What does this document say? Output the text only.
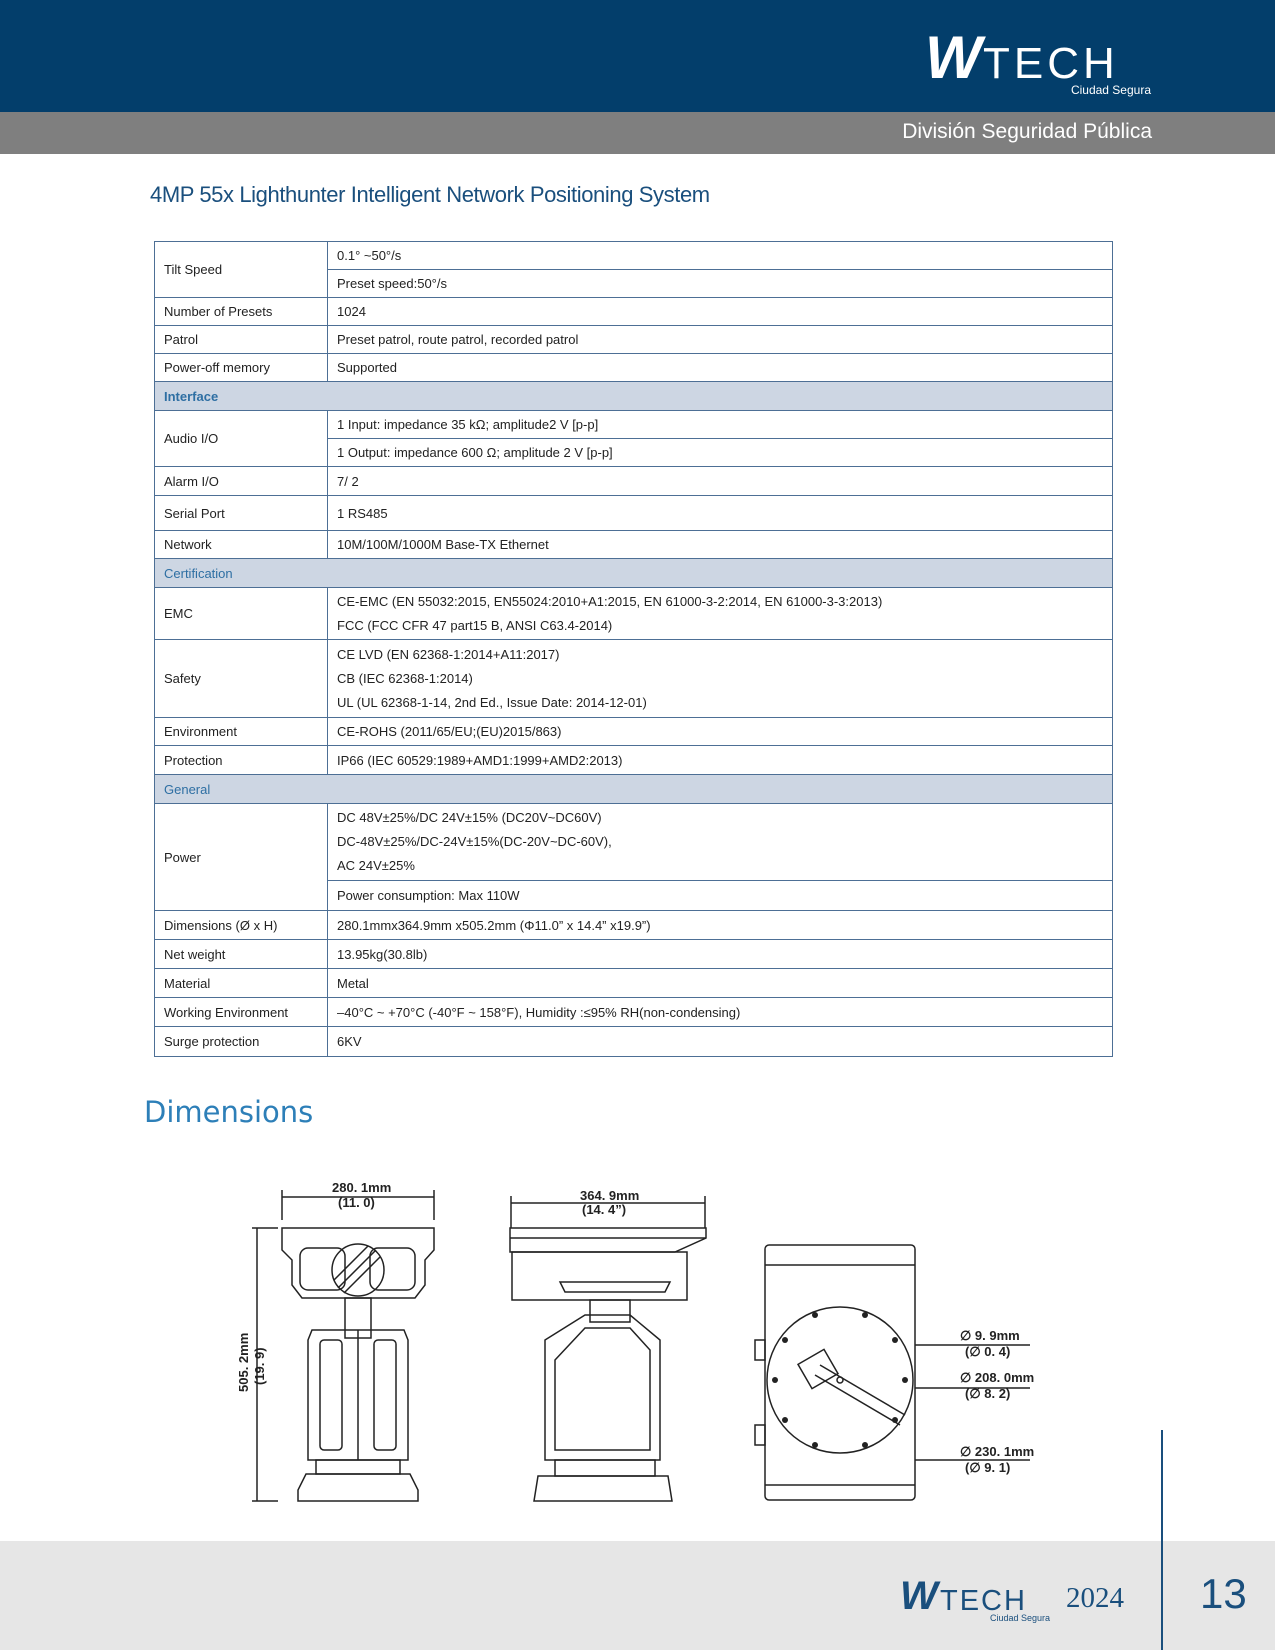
W TECH
Ciudad Segura
División Seguridad Pública
4MP 55x Lighthunter Intelligent Network Positioning System
Tilt Speed	0.1° ~50°/s
	Preset speed:50°/s
Number of Presets	1024
Patrol	Preset patrol, route patrol, recorded patrol
Power-off memory	Supported
Interface	
Audio I/O	1 Input: impedance 35 kΩ; amplitude2 V [p-p]
	1 Output: impedance 600 Ω; amplitude 2 V [p-p]
Alarm I/O	7/ 2
Serial Port	1 RS485
Network	10M/100M/1000M Base-TX Ethernet
Certification	
EMC	CE-EMC (EN 55032:2015, EN55024:2010+A1:2015, EN 61000-3-2:2014, EN 61000-3-3:2013)
FCC (FCC CFR 47 part15 B, ANSI C63.4-2014)

Safety	CE LVD (EN 62368-1:2014+A11:2017)
CB (IEC 62368-1:2014)
UL (UL 62368-1-14, 2nd Ed., Issue Date: 2014-12-01)

Environment	CE-ROHS (2011/65/EU;(EU)2015/863)
Protection	IP66 (IEC 60529:1989+AMD1:1999+AMD2:2013)
General	
Power	DC 48V±25%/DC 24V±15% (DC20V~DC60V)
DC-48V±25%/DC-24V±15%(DC-20V~DC-60V),
AC 24V±25%

	Power consumption: Max 110W
Dimensions (Ø x H)	280.1mmx364.9mm x505.2mm (Φ11.0” x 14.4” x19.9”)
Net weight	13.95kg(30.8lb)
Material	Metal
Working Environment	–40°C ~ +70°C (-40°F ~ 158°F), Humidity :≤95% RH(non-condensing)
Surge protection	6KV
Dimensions
280. 1mm
(11. 0)
505. 2mm (19. 9)
364. 9mm
(14. 4”)
∅ 9. 9mm
(∅ 0. 4)
∅ 208. 0mm
(∅ 8. 2)
∅ 230. 1mm
(∅ 9. 1)
W TECH
Ciudad Segura
2024 13
